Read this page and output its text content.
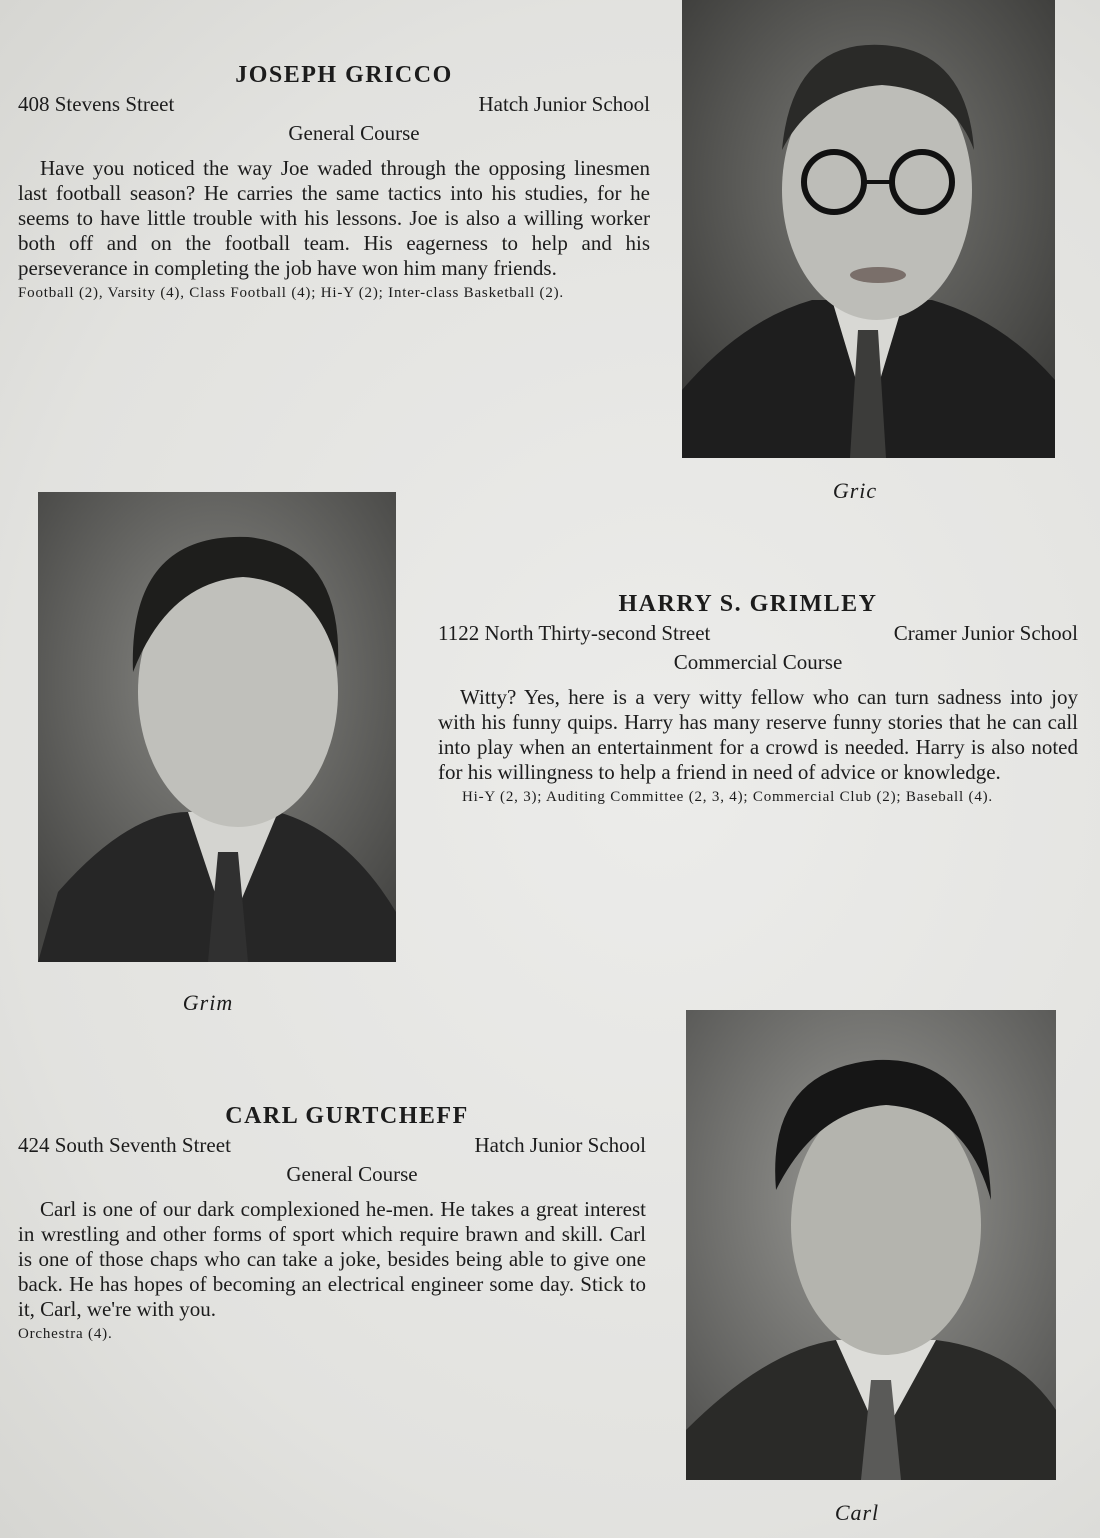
JOSEPH GRICCO
408 Stevens Street	Hatch Junior School
General Course

Have you noticed the way Joe waded through the opposing linesmen last football season? He carries the same tactics into his studies, for he seems to have little trouble with his lessons. Joe is also a willing worker both off and on the football team. His eagerness to help and his perseverance in completing the job have won him many friends.

Football (2), Varsity (4), Class Football (4); Hi-Y (2); Inter-class Basketball (2).

Gric
Grim
HARRY S. GRIMLEY
1122 North Thirty-second Street	Cramer Junior School
Commercial Course

Witty? Yes, here is a very witty fellow who can turn sadness into joy with his funny quips. Harry has many reserve funny stories that he can call into play when an entertainment for a crowd is needed. Harry is also noted for his willingness to help a friend in need of advice or knowledge.

Hi-Y (2, 3); Auditing Committee (2, 3, 4); Commercial Club (2); Baseball (4).

CARL GURTCHEFF
424 South Seventh Street	Hatch Junior School
General Course

Carl is one of our dark complexioned he-men. He takes a great interest in wrestling and other forms of sport which require brawn and skill. Carl is one of those chaps who can take a joke, besides being able to give one back. He has hopes of becoming an electrical engineer some day. Stick to it, Carl, we're with you.

Orchestra (4).

Carl
